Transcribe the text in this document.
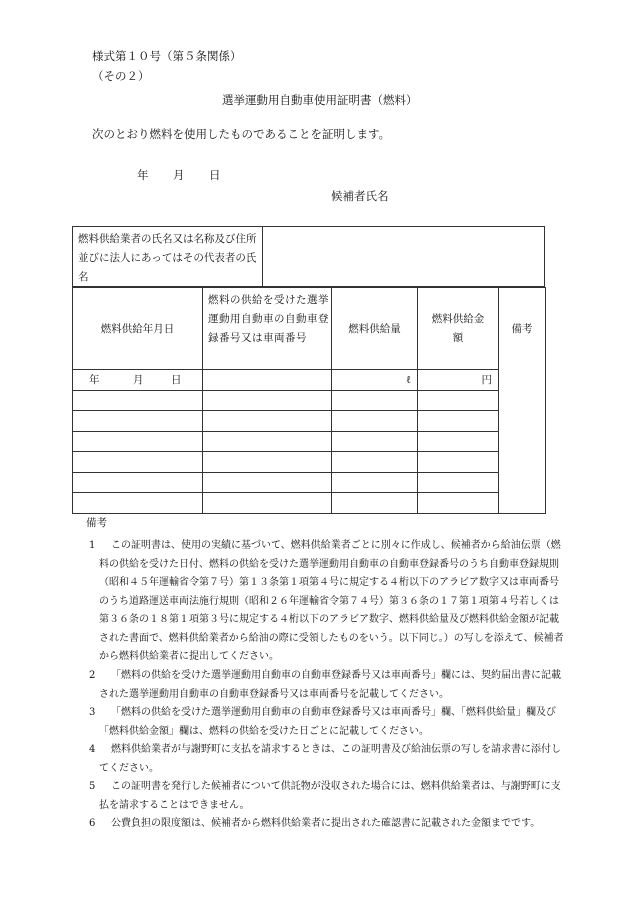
様式第１０号（第５条関係）
（その２）
選挙運動用自動車使用証明書（燃料）
次のとおり燃料を使用したものであることを証明します。
年 月 日
候補者氏名
燃料供給業者の氏名又は名称及び住所並びに法人にあってはその代表者の氏名
燃料供給年月日	燃料の供給を受けた選挙運動用自動車の自動車登録番号又は車両番号	燃料供給量	燃料供給金額	備考

年 月 日		ℓ	円	

備考
1	この証明書は、使用の実績に基づいて、燃料供給業者ごとに別々に作成し、候補者から給油伝票（燃料の供給を受けた日付、燃料の供給を受けた選挙運動用自動車の自動車登録番号のうち自動車登録規則（昭和４５年運輸省令第７号）第１３条第１項第４号に規定する４桁以下のアラビア数字又は車両番号のうち道路運送車両法施行規則（昭和２６年運輸省令第７４号）第３６条の１７第１項第４号若しくは第３６条の１８第１項第３号に規定する４桁以下のアラビア数字、燃料供給量及び燃料供給金額が記載された書面で、燃料供給業者から給油の際に受領したものをいう。以下同じ。）の写しを添えて、候補者から燃料供給業者に提出してください。
2	「燃料の供給を受けた選挙運動用自動車の自動車登録番号又は車両番号」欄には、契約届出書に記載された選挙運動用自動車の自動車登録番号又は車両番号を記載してください。
3	「燃料の供給を受けた選挙運動用自動車の自動車登録番号又は車両番号」欄、「燃料供給量」欄及び「燃料供給金額」欄は、燃料の供給を受けた日ごとに記載してください。
4	燃料供給業者が与謝野町に支払を請求するときは、この証明書及び給油伝票の写しを請求書に添付してください。
5	この証明書を発行した候補者について供託物が没収された場合には、燃料供給業者は、与謝野町に支払を請求することはできません。
6	公費負担の限度額は、候補者から燃料供給業者に提出された確認書に記載された金額までです。
